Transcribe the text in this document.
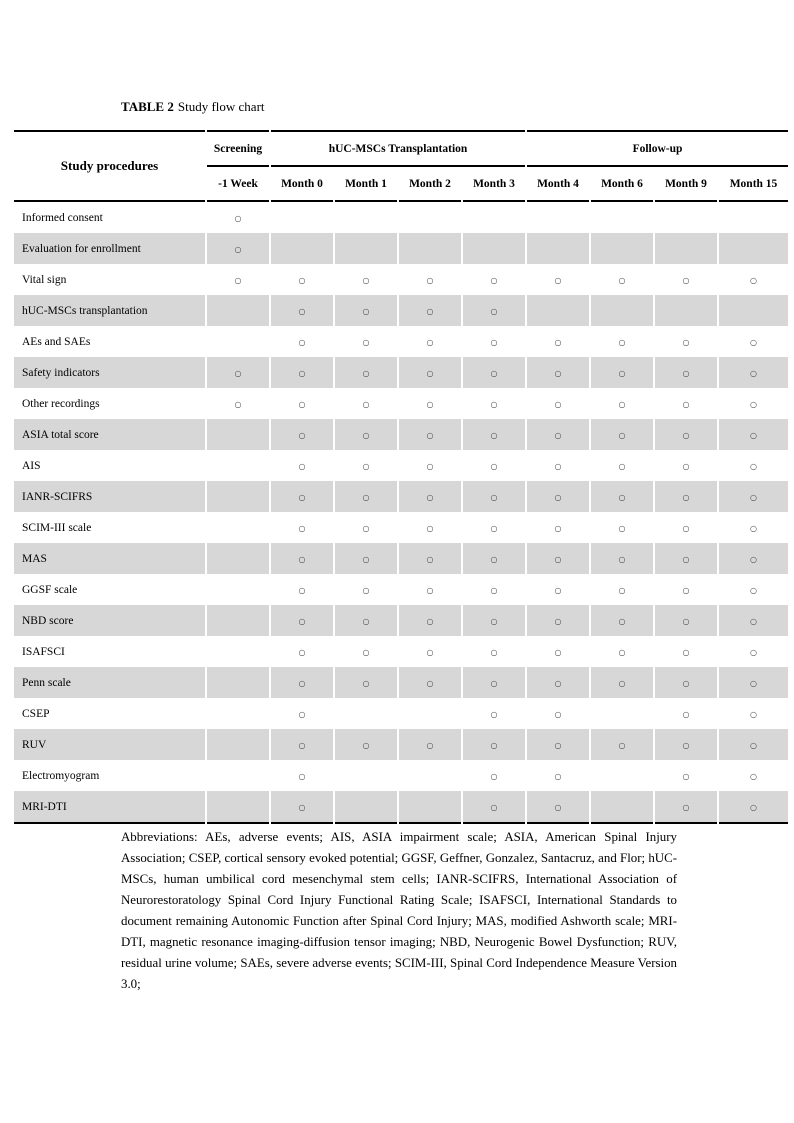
TABLE 2 Study flow chart
Study procedures	Screening	hUC-MSCs Transplantation				Follow-up			
	-1 Week	Month 0	Month 1	Month 2	Month 3	Month 4	Month 6	Month 9	Month 15
Informed consent	○								
Evaluation for enrollment	○								
Vital sign	○	○	○	○	○	○	○	○	○
hUC-MSCs transplantation		○	○	○	○				
AEs and SAEs		○	○	○	○	○	○	○	○
Safety indicators	○	○	○	○	○	○	○	○	○
Other recordings	○	○	○	○	○	○	○	○	○
ASIA total score		○	○	○	○	○	○	○	○
AIS		○	○	○	○	○	○	○	○
IANR-SCIFRS		○	○	○	○	○	○	○	○
SCIM-III scale		○	○	○	○	○	○	○	○
MAS		○	○	○	○	○	○	○	○
GGSF scale		○	○	○	○	○	○	○	○
NBD score		○	○	○	○	○	○	○	○
ISAFSCI		○	○	○	○	○	○	○	○
Penn scale		○	○	○	○	○	○	○	○
CSEP		○			○	○		○	○
RUV		○	○	○	○	○	○	○	○
Electromyogram		○			○	○		○	○
MRI-DTI		○			○	○		○	○
Abbreviations: AEs, adverse events; AIS, ASIA impairment scale; ASIA, American Spinal Injury Association; CSEP, cortical sensory evoked potential; GGSF, Geffner, Gonzalez, Santacruz, and Flor; hUC-MSCs, human umbilical cord mesenchymal stem cells; IANR-SCIFRS, International Association of Neurorestoratology Spinal Cord Injury Functional Rating Scale; ISAFSCI, International Standards to document remaining Autonomic Function after Spinal Cord Injury; MAS, modified Ashworth scale; MRI-DTI, magnetic resonance imaging-diffusion tensor imaging; NBD, Neurogenic Bowel Dysfunction; RUV, residual urine volume; SAEs, severe adverse events; SCIM-III, Spinal Cord Independence Measure Version 3.0;
